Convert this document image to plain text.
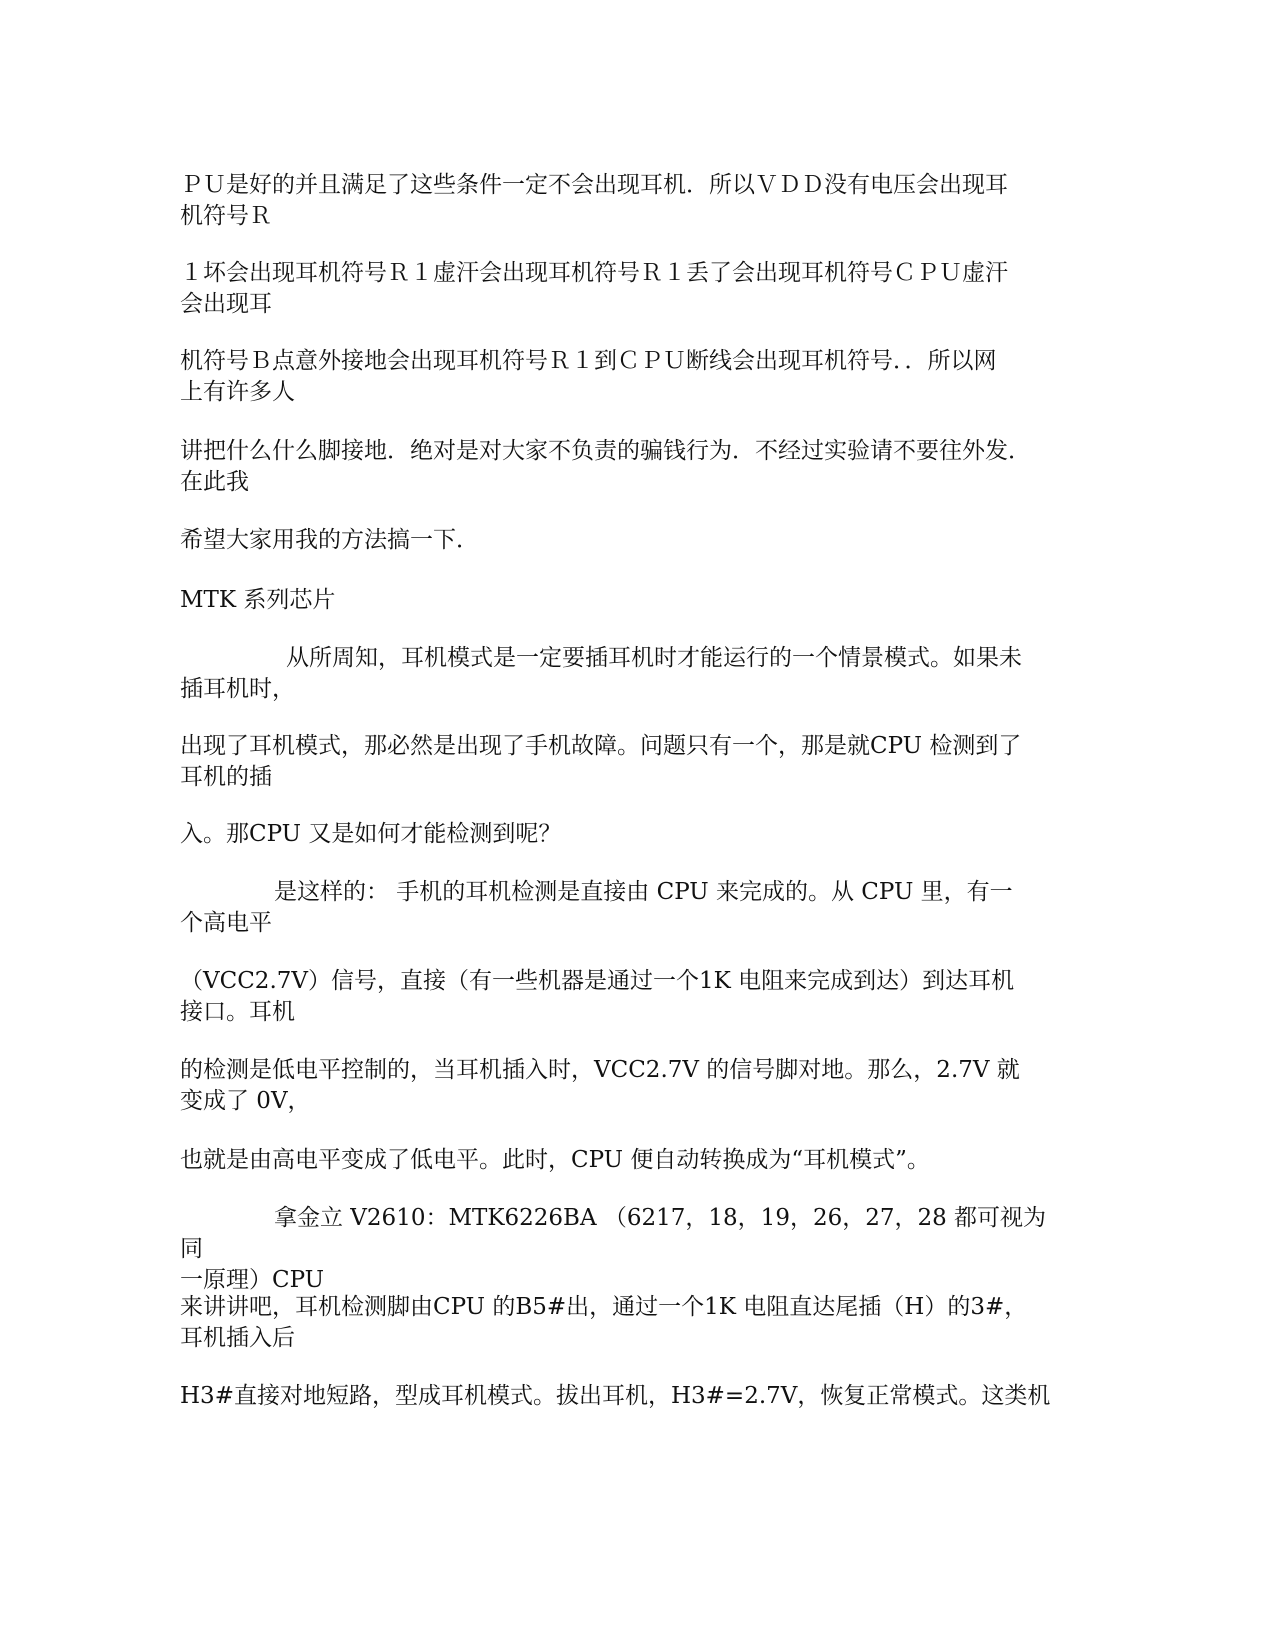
ＰＵ是好的并且满足了这些条件一定不会出现耳机．所以ＶＤＤ没有电压会出现耳
机符号Ｒ

１坏会出现耳机符号Ｒ１虚汗会出现耳机符号Ｒ１丢了会出现耳机符号ＣＰＵ虚汗
会出现耳

机符号Ｂ点意外接地会出现耳机符号Ｒ１到ＣＰＵ断线会出现耳机符号．．所以网
上有许多人

讲把什么什么脚接地．绝对是对大家不负责的骗钱行为．不经过实验请不要往外发．
在此我

希望大家用我的方法搞一下．

MTK 系列芯片

从所周知，耳机模式是一定要插耳机时才能运行的一个情景模式。如果未
插耳机时，

出现了耳机模式，那必然是出现了手机故障。问题只有一个，那是就CPU 检测到了
耳机的插

入。那CPU 又是如何才能检测到呢？

是这样的： 手机的耳机检测是直接由 CPU 来完成的。从 CPU 里，有一
个高电平

（VCC2.7V）信号，直接（有一些机器是通过一个1K 电阻来完成到达）到达耳机
接口。耳机

的检测是低电平控制的，当耳机插入时，VCC2.7V 的信号脚对地。那么，2.7V 就
变成了 0V，

也就是由高电平变成了低电平。此时，CPU 便自动转换成为“耳机模式”。

拿金立 V2610：MTK6226BA （6217，18，19，26，27，28 都可视为同
一原理）CPU

来讲讲吧，耳机检测脚由CPU 的B5#出，通过一个1K 电阻直达尾插（H）的3#，
耳机插入后

H3#直接对地短路，型成耳机模式。拔出耳机，H3#=2.7V，恢复正常模式。这类机
